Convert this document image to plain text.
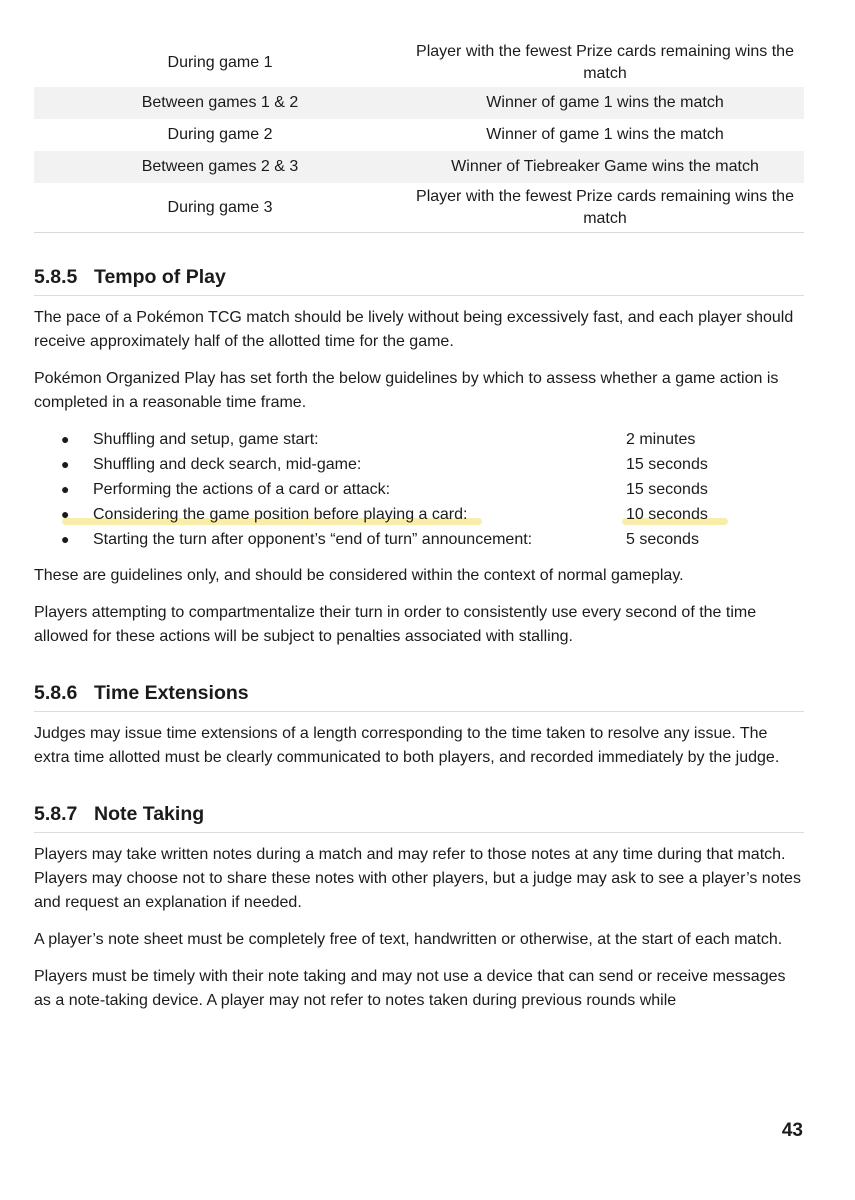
During game 1	Player with the fewest Prize cards remaining wins the match
Between games 1 & 2	Winner of game 1 wins the match
During game 2	Winner of game 1 wins the match
Between games 2 & 3	Winner of Tiebreaker Game wins the match
During game 3	Player with the fewest Prize cards remaining wins the match
5.8.5 Tempo of Play

The pace of a Pokémon TCG match should be lively without being excessively fast, and each player should receive approximately half of the allotted time for the game.

Pokémon Organized Play has set forth the below guidelines by which to assess whether a game action is completed in a reasonable time frame.

● Shuffling and setup, game start:	2 minutes
● Shuffling and deck search, mid-game:	15 seconds
● Performing the actions of a card or attack:	15 seconds
● Considering the game position before playing a card:	10 seconds
● Starting the turn after opponent’s “end of turn” announcement:	5 seconds

These are guidelines only, and should be considered within the context of normal gameplay.

Players attempting to compartmentalize their turn in order to consistently use every second of the time allowed for these actions will be subject to penalties associated with stalling.

5.8.6 Time Extensions

Judges may issue time extensions of a length corresponding to the time taken to resolve any issue. The extra time allotted must be clearly communicated to both players, and recorded immediately by the judge.

5.8.7 Note Taking

Players may take written notes during a match and may refer to those notes at any time during that match. Players may choose not to share these notes with other players, but a judge may ask to see a player’s notes and request an explanation if needed.

A player’s note sheet must be completely free of text, handwritten or otherwise, at the start of each match.

Players must be timely with their note taking and may not use a device that can send or receive messages as a note-taking device. A player may not refer to notes taken during previous rounds while

43
